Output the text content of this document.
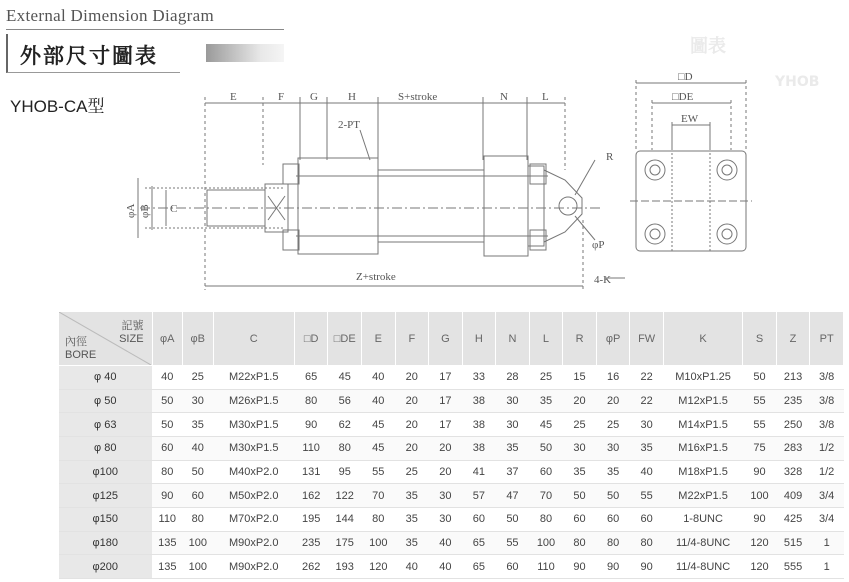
圖表
YHOB
External Dimension Diagram
外部尺寸圖表
YHOB-CA型	E	F G	H	S+stroke	N	L
2-PT
φA φB C
R
φP
4-K
Z+stroke
□D
□DE
EW
記號
SIZE
內徑
BORE	φA	φB	C	□D	□DE	E	F	G	H	N	L	R	φP	FW	K	S	Z	PT
φ 40	40	25	M22xP1.5	65	45	40	20	17	33	28	25	15	16	22	M10xP1.25	50	213	3/8
φ 50	50	30	M26xP1.5	80	56	40	20	17	38	30	35	20	20	22	M12xP1.5	55	235	3/8
φ 63	50	35	M30xP1.5	90	62	45	20	17	38	30	45	25	25	30	M14xP1.5	55	250	3/8
φ 80	60	40	M30xP1.5	110	80	45	20	20	38	35	50	30	30	35	M16xP1.5	75	283	1/2
φ100	80	50	M40xP2.0	131	95	55	25	20	41	37	60	35	35	40	M18xP1.5	90	328	1/2
φ125	90	60	M50xP2.0	162	122	70	35	30	57	47	70	50	50	55	M22xP1.5	100	409	3/4
φ150	110	80	M70xP2.0	195	144	80	35	30	60	50	80	60	60	60	1-8UNC	90	425	3/4
φ180	135	100	M90xP2.0	235	175	100	35	40	65	55	100	80	80	80	11/4-8UNC	120	515	1
φ200	135	100	M90xP2.0	262	193	120	40	40	65	60	110	90	90	90	11/4-8UNC	120	555	1
